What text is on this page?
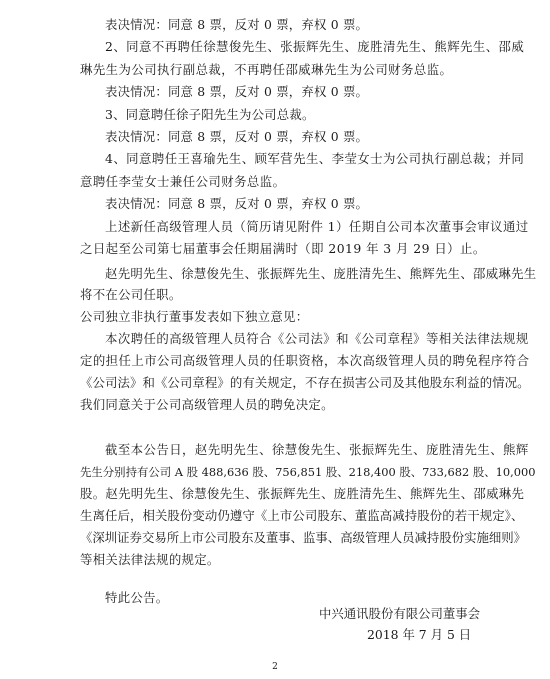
表决情况：同意 8 票，反对 0 票，弃权 0 票。
2、同意不再聘任徐慧俊先生、张振辉先生、庞胜清先生、熊辉先生、邵威
琳先生为公司执行副总裁，不再聘任邵威琳先生为公司财务总监。
表决情况：同意 8 票，反对 0 票，弃权 0 票。
3、同意聘任徐子阳先生为公司总裁。
表决情况：同意 8 票，反对 0 票，弃权 0 票。
4、同意聘任王喜瑜先生、顾军营先生、李莹女士为公司执行副总裁；并同
意聘任李莹女士兼任公司财务总监。
表决情况：同意 8 票，反对 0 票，弃权 0 票。
上述新任高级管理人员（简历请见附件 1）任期自公司本次董事会审议通过
之日起至公司第七届董事会任期届满时（即 2019 年 3 月 29 日）止。
赵先明先生、徐慧俊先生、张振辉先生、庞胜清先生、熊辉先生、邵威琳先生
将不在公司任职。
公司独立非执行董事发表如下独立意见：
本次聘任的高级管理人员符合《公司法》和《公司章程》等相关法律法规规
定的担任上市公司高级管理人员的任职资格，本次高级管理人员的聘免程序符合
《公司法》和《公司章程》的有关规定，不存在损害公司及其他股东利益的情况。
我们同意关于公司高级管理人员的聘免决定。
截至本公告日，赵先明先生、徐慧俊先生、张振辉先生、庞胜清先生、熊辉
先生分别持有公司 A 股 488,636 股、756,851 股、218,400 股、733,682 股、10,000
股。赵先明先生、徐慧俊先生、张振辉先生、庞胜清先生、熊辉先生、邵威琳先
生离任后，相关股份变动仍遵守《上市公司股东、董监高减持股份的若干规定》、
《深圳证券交易所上市公司股东及董事、监事、高级管理人员减持股份实施细则》
等相关法律法规的规定。
特此公告。
中兴通讯股份有限公司董事会
2018 年 7 月 5 日
2
